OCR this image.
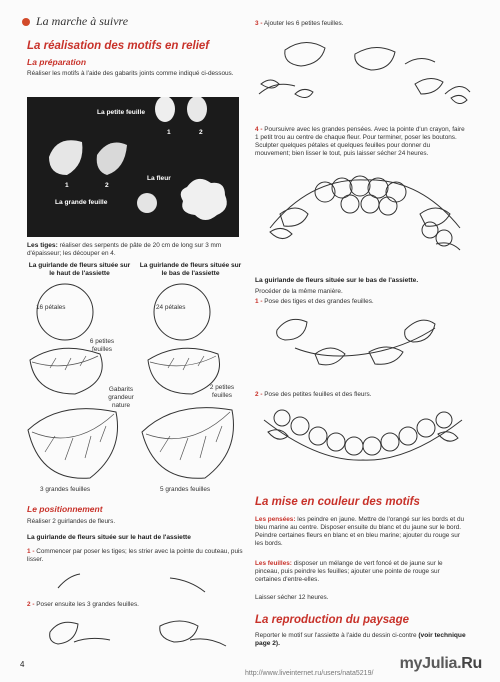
La marche à suivre
La réalisation des motifs en relief
La préparation
Réaliser les motifs à l'aide des gabarits joints comme indiqué ci-dessous.
La petite feuille
1	2
1	2
La fleur
La grande feuille
Les tiges: réaliser des serpents de pâte de 20 cm de long sur 3 mm d'épaisseur; les découper en 4.
La guirlande de fleurs située sur le haut de l'assiette
La guirlande de fleurs située sur le bas de l'assiette
16 pétales	24 pétales
6 petites feuilles
2 petites feuilles
Gabarits grandeur nature
3 grandes feuilles	5 grandes feuilles
Le positionnement
Réaliser 2 guirlandes de fleurs.
La guirlande de fleurs située sur le haut de l'assiette
1 - Commencer par poser les tiges; les strier avec la pointe du couteau, puis lisser.
2 - Poser ensuite les 3 grandes feuilles.
4
3 - Ajouter les 6 petites feuilles.
4 - Poursuivre avec les grandes pensées. Avec la pointe d'un crayon, faire 1 petit trou au centre de chaque fleur. Pour terminer, poser les boutons. Sculpter quelques pétales et quelques feuilles pour donner du mouvement; bien lisser le tout, puis laisser sécher 24 heures.
La guirlande de fleurs située sur le bas de l'assiette.
Procéder de la même manière.
1 - Pose des tiges et des grandes feuilles.
2 - Pose des petites feuilles et des fleurs.
La mise en couleur des motifs
Les pensées: les peindre en jaune. Mettre de l'orangé sur les bords et du bleu marine au centre. Disposer ensuite du blanc et du jaune sur le bord. Peindre certaines fleurs en blanc et en bleu marine; ajouter du rouge sur les bords.
Les feuilles: disposer un mélange de vert foncé et de jaune sur le pinceau, puis peindre les feuilles; ajouter une pointe de rouge sur certaines d'entre-elles.
Laisser sécher 12 heures.
La reproduction du paysage
Reporter le motif sur l'assiette à l'aide du dessin ci-contre (voir technique page 2).
myJulia.Ru
http://www.liveinternet.ru/users/nata5219/
